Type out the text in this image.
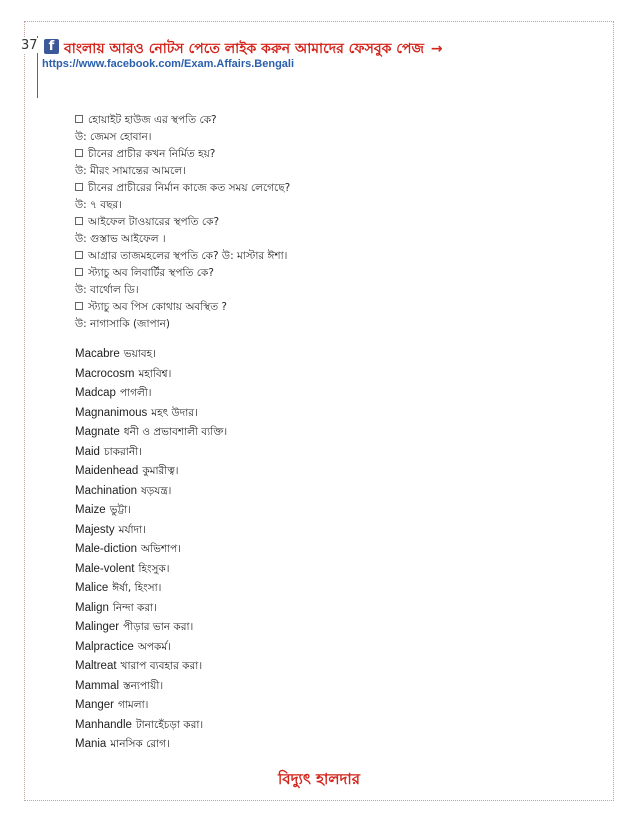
37 f বাংলায় আরও নোটস পেতে লাইক করুন আমাদের ফেসবুক পেজ →
https://www.facebook.com/Exam.Affairs.Bengali
হোয়াইট হাউজ এর স্থপতি কে?
উ: জেমস হোবান।
চীনের প্রাচীর কখন নির্মিত হয়?
উ: মীরং সামান্তের আমলে।
চীনের প্রাচীরের নির্মান কাজে কত সময় লেগেছে?
উ: ৭ বছর।
আইফেল টাওয়ারের স্থপতি কে?
উ: গুস্তাভ আইফেল ।
আগ্রার তাজমহলের স্থপতি কে? উ: মাস্টার ঈশা।
স্ট্যাচু অব লিবার্টির স্থপতি কে?
উ: বার্থোল ডি।
স্ট্যাচু অব পিস কোথায় অবস্থিত ?
উ: নাগাসাকি (জাপান)
Macabre ভয়াবহ।
Macrocosm মহাবিশ্ব।
Madcap পাগলী।
Magnanimous মহৎ উদার।
Magnate ধনী ও প্রভাবশালী ব্যক্তি।
Maid চাকরানী।
Maidenhead কুমারীত্ব।
Machination ষড়যন্ত্র।
Maize ভুট্টা।
Majesty মর্যাদা।
Male-diction অভিশাপ।
Male-volent হিংসুক।
Malice ঈর্ষা, হিংসা।
Malign নিন্দা করা।
Malinger পীড়ার ভান করা।
Malpractice অপকর্ম।
Maltreat খারাপ ব্যবহার করা।
Mammal স্তন্যপায়ী।
Manger গামলা।
Manhandle টানাহেঁচড়া করা।
Mania মানসিক রোগ।
বিদ্যুৎ হালদার
